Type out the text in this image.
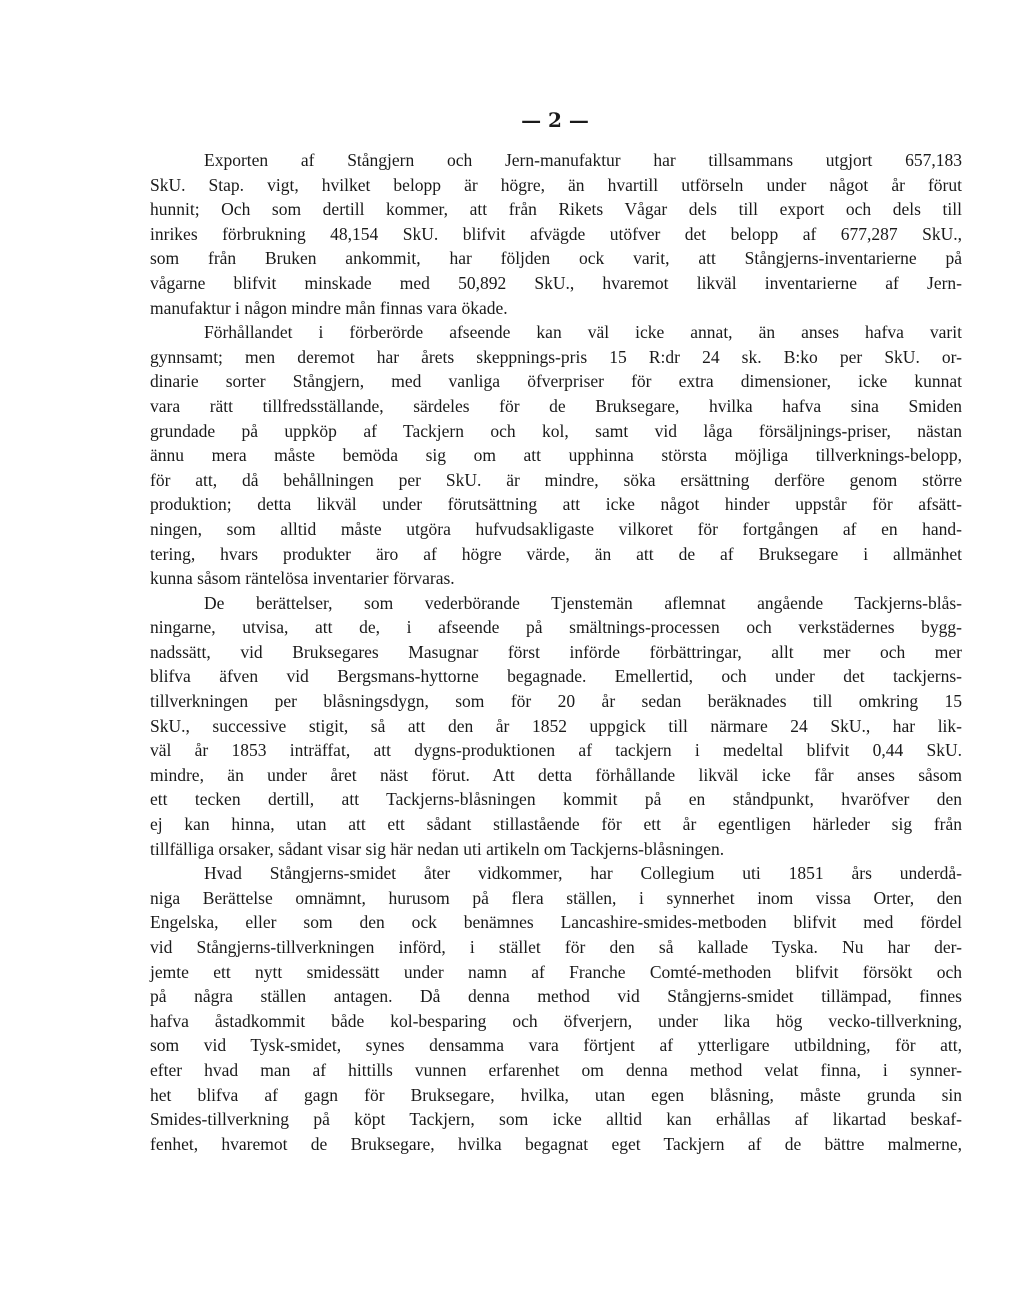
— 2 —
Exporten af Stångjern och Jern-manufaktur har tillsammans utgjort 657,183
SkU. Stap. vigt, hvilket belopp är högre, än hvartill utförseln under något år förut
hunnit; Och som dertill kommer, att från Rikets Vågar dels till export och dels till
inrikes förbrukning 48,154 SkU. blifvit afvägde utöfver det belopp af 677,287 SkU.,
som från Bruken ankommit, har följden ock varit, att Stångjerns-inventarierne på
vågarne blifvit minskade med 50,892 SkU., hvaremot likväl inventarierne af Jern-
manufaktur i någon mindre mån finnas vara ökade.
Förhållandet i förberörde afseende kan väl icke annat, än anses hafva varit
gynnsamt; men deremot har årets skeppnings-pris 15 R:dr 24 sk. B:ko per SkU. or-
dinarie sorter Stångjern, med vanliga öfverpriser för extra dimensioner, icke kunnat
vara rätt tillfredsställande, särdeles för de Bruksegare, hvilka hafva sina Smiden
grundade på uppköp af Tackjern och kol, samt vid låga försäljnings-priser, nästan
ännu mera måste bemöda sig om att upphinna största möjliga tillverknings-belopp,
för att, då behållningen per SkU. är mindre, söka ersättning derföre genom större
produktion; detta likväl under förutsättning att icke något hinder uppstår för afsätt-
ningen, som alltid måste utgöra hufvudsakligaste vilkoret för fortgången af en hand-
tering, hvars produkter äro af högre värde, än att de af Bruksegare i allmänhet
kunna såsom räntelösa inventarier förvaras.
De berättelser, som vederbörande Tjenstemän aflemnat angående Tackjerns-blås-
ningarne, utvisa, att de, i afseende på smältnings-processen och verkstädernes bygg-
nadssätt, vid Bruksegares Masugnar först införde förbättringar, allt mer och mer
blifva äfven vid Bergsmans-hyttorne begagnade. Emellertid, och under det tackjerns-
tillverkningen per blåsningsdygn, som för 20 år sedan beräknades till omkring 15
SkU., successive stigit, så att den år 1852 uppgick till närmare 24 SkU., har lik-
väl år 1853 inträffat, att dygns-produktionen af tackjern i medeltal blifvit 0,44 SkU.
mindre, än under året näst förut. Att detta förhållande likväl icke får anses såsom
ett tecken dertill, att Tackjerns-blåsningen kommit på en ståndpunkt, hvaröfver den
ej kan hinna, utan att ett sådant stillastående för ett år egentligen härleder sig från
tillfälliga orsaker, sådant visar sig här nedan uti artikeln om Tackjerns-blåsningen.
Hvad Stångjerns-smidet åter vidkommer, har Collegium uti 1851 års underdå-
niga Berättelse omnämnt, hurusom på flera ställen, i synnerhet inom vissa Orter, den
Engelska, eller som den ock benämnes Lancashire-smides-metboden blifvit med fördel
vid Stångjerns-tillverkningen införd, i stället för den så kallade Tyska. Nu har der-
jemte ett nytt smidessätt under namn af Franche Comté-methoden blifvit försökt och
på några ställen antagen. Då denna method vid Stångjerns-smidet tillämpad, finnes
hafva åstadkommit både kol-besparing och öfverjern, under lika hög vecko-tillverkning,
som vid Tysk-smidet, synes densamma vara förtjent af ytterligare utbildning, för att,
efter hvad man af hittills vunnen erfarenhet om denna method velat finna, i synner-
het blifva af gagn för Bruksegare, hvilka, utan egen blåsning, måste grunda sin
Smides-tillverkning på köpt Tackjern, som icke alltid kan erhållas af likartad beskaf-
fenhet, hvaremot de Bruksegare, hvilka begagnat eget Tackjern af de bättre malmerne,
